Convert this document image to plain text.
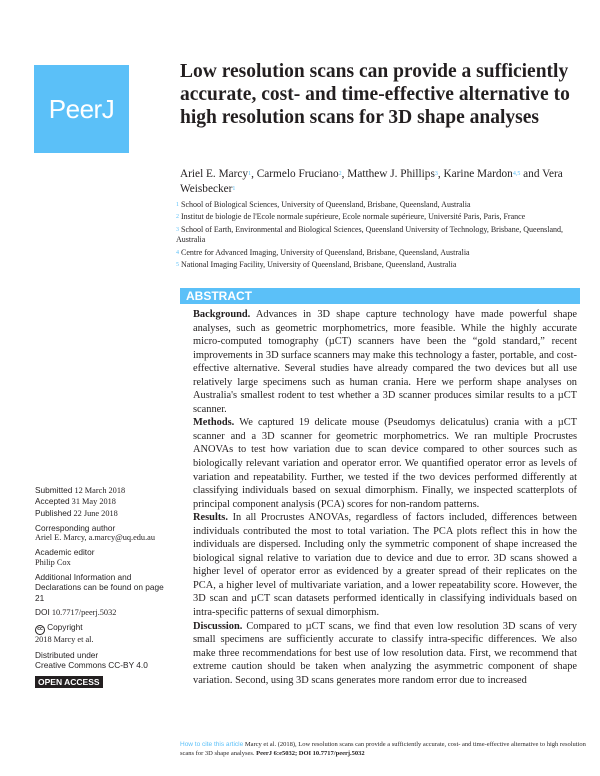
PeerJ
Low resolution scans can provide a sufficiently accurate, cost- and time-effective alternative to high resolution scans for 3D shape analyses
Ariel E. Marcy$^1$, Carmelo Fruciano$^2$, Matthew J. Phillips$^3$, Karine Mardon$^{4,5}$ and Vera Weisbecker$^1$
$^1$ School of Biological Sciences, University of Queensland, Brisbane, Queensland, Australia
$^2$ Institut de biologie de l'Ecole normale supérieure, Ecole normale supérieure, Université Paris, Paris, France
$^3$ School of Earth, Environmental and Biological Sciences, Queensland University of Technology, Brisbane, Queensland, Australia
$^4$ Centre for Advanced Imaging, University of Queensland, Brisbane, Queensland, Australia
$^5$ National Imaging Facility, University of Queensland, Brisbane, Queensland, Australia
ABSTRACT

Background. Advances in 3D shape capture technology have made powerful shape analyses, such as geometric morphometrics, more feasible. While the highly accurate micro-computed tomography (µCT) scanners have been the “gold standard,” recent improvements in 3D surface scanners may make this technology a faster, portable, and cost-effective alternative. Several studies have already compared the two devices but all use relatively large specimens such as human crania. Here we perform shape analyses on Australia's smallest rodent to test whether a 3D scanner produces similar results to a µCT scanner.

Methods. We captured 19 delicate mouse (Pseudomys delicatulus) crania with a µCT scanner and a 3D scanner for geometric morphometrics. We ran multiple Procrustes ANOVAs to test how variation due to scan device compared to other sources such as biologically relevant variation and operator error. We quantified operator error as levels of variation and repeatability. Further, we tested if the two devices performed differently at classifying individuals based on sexual dimorphism. Finally, we inspected scatterplots of principal component analysis (PCA) scores for non-random patterns.

Results. In all Procrustes ANOVAs, regardless of factors included, differences between individuals contributed the most to total variation. The PCA plots reflect this in how the individuals are dispersed. Including only the symmetric component of shape increased the biological signal relative to variation due to device and due to error. 3D scans showed a higher level of operator error as evidenced by a greater spread of their replicates on the PCA, a higher level of multivariate variation, and a lower repeatability score. However, the 3D scan and µCT scan datasets performed identically in classifying individuals based on intra-specific patterns of sexual dimorphism.

Discussion. Compared to µCT scans, we find that even low resolution 3D scans of very small specimens are sufficiently accurate to classify intra-specific differences. We also make three recommendations for best use of low resolution data. First, we recommend that extreme caution should be taken when analyzing the asymmetric component of shape variation. Second, using 3D scans generates more random error due to increased

Submitted 12 March 2018
Accepted 31 May 2018
Published 22 June 2018
Corresponding author
Ariel E. Marcy, a.marcy@uq.edu.au
Academic editor
Philip Cox
Additional Information and Declarations can be found on page 21
DOI 10.7717/peerj.5032
cc Copyright
2018 Marcy et al.
Distributed under
Creative Commons CC-BY 4.0
OPEN ACCESS
How to cite this article Marcy et al. (2018), Low resolution scans can provide a sufficiently accurate, cost- and time-effective alternative to high resolution scans for 3D shape analyses. PeerJ 6:e5032; DOI 10.7717/peerj.5032
